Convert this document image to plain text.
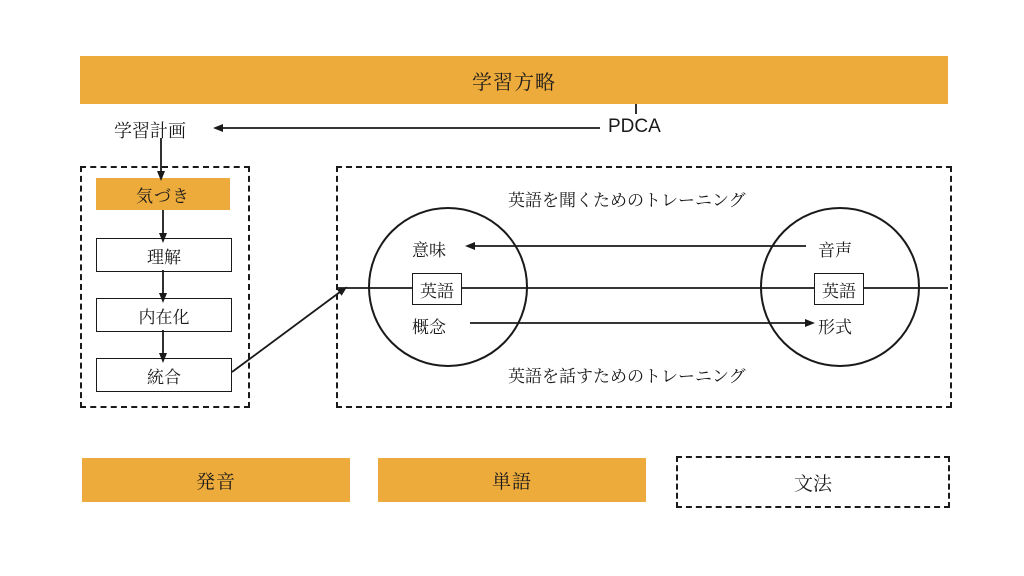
学習方略
学習計画	PDCA
気づき
理解
内在化
統合
英語を聞くためのトレーニング
英語を話すためのトレーニング
意味
概念
音声
形式
英語	英語
発音	単語	文法
